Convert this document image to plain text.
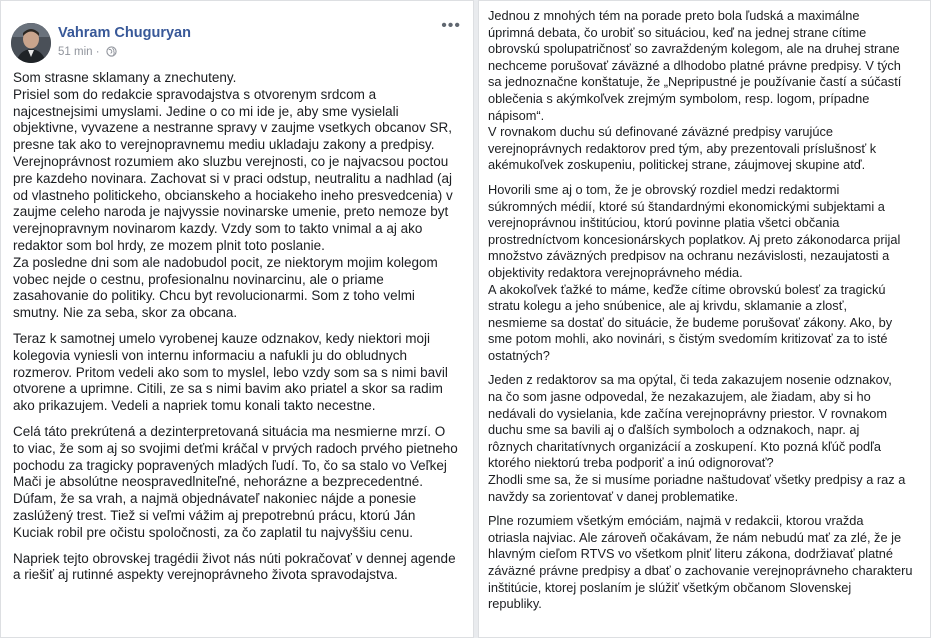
Vahram Chuguryan
51 min ·
•••

Som strasne sklamany a znechuteny.
Prisiel som do redakcie spravodajstva s otvorenym srdcom a
najcestnejsimi umyslami. Jedine o co mi ide je, aby sme vysielali
objektivne, vyvazene a nestranne spravy v zaujme vsetkych obcanov SR,
presne tak ako to verejnopravnemu mediu ukladaju zakony a predpisy.
Verejnoprávnost rozumiem ako sluzbu verejnosti, co je najvacsou poctou
pre kazdeho novinara. Zachovat si v praci odstup, neutralitu a nadhlad (aj
od vlastneho politickeho, obcianskeho a hociakeho ineho presvedcenia) v
zaujme celeho naroda je najvyssie novinarske umenie, preto nemoze byt
verejnopravnym novinarom kazdy. Vzdy som to takto vnimal a aj ako
redaktor som bol hrdy, ze mozem plnit toto poslanie.
Za posledne dni som ale nadobudol pocit, ze niektorym mojim kolegom
vobec nejde o cestnu, profesionalnu novinarcinu, ale o priame
zasahovanie do politiky. Chcu byt revolucionarmi. Som z toho velmi
smutny. Nie za seba, skor za obcana.

Teraz k samotnej umelo vyrobenej kauze odznakov, kedy niektori moji
kolegovia vyniesli von internu informaciu a nafukli ju do obludnych
rozmerov. Pritom vedeli ako som to myslel, lebo vzdy som sa s nimi bavil
otvorene a uprimne. Citili, ze sa s nimi bavim ako priatel a skor sa radim
ako prikazujem. Vedeli a napriek tomu konali takto necestne.

Celá táto prekrútená a dezinterpretovaná situácia ma nesmierne mrzí. O
to viac, že som aj so svojimi deťmi kráčal v prvých radoch prvého pietneho
pochodu za tragicky popravených mladých ľudí. To, čo sa stalo vo Veľkej
Mači je absolútne neospravedlniteľné, nehorázne a bezprecedentné.
Dúfam, že sa vrah, a najmä objednávateľ nakoniec nájde a ponesie
zaslúžený trest. Tiež si veľmi vážim aj prepotrebnú prácu, ktorú Ján
Kuciak robil pre očistu spoločnosti, za čo zaplatil tu najvyššiu cenu.

Napriek tejto obrovskej tragédii život nás núti pokračovať v dennej agende
a riešiť aj rutinné aspekty verejnoprávneho života spravodajstva.

Jednou z mnohých tém na porade preto bola ľudská a maximálne
úprimná debata, čo urobiť so situáciou, keď na jednej strane cítime
obrovskú spolupatričnosť so zavraždeným kolegom, ale na druhej strane
nechceme porušovať záväzné a dlhodobo platné právne predpisy. V tých
sa jednoznačne konštatuje, že „Nepripustné je používanie častí a súčastí
oblečenia s akýmkoľvek zrejmým symbolom, resp. logom, prípadne
nápisom“.
V rovnakom duchu sú definované záväzné predpisy varujúce
verejnoprávnych redaktorov pred tým, aby prezentovali príslušnosť k
akémukoľvek zoskupeniu, politickej strane, záujmovej skupine atď.

Hovorili sme aj o tom, že je obrovský rozdiel medzi redaktormi
súkromných médií, ktoré sú štandardnými ekonomickými subjektami a
verejnoprávnou inštitúciou, ktorú povinne platia všetci občania
prostredníctvom koncesionárskych poplatkov. Aj preto zákonodarca prijal
množstvo záväzných predpisov na ochranu nezávislosti, nezaujatosti a
objektivity redaktora verejnoprávneho média.
A akokoľvek ťažké to máme, keďže cítime obrovskú bolesť za tragickú
stratu kolegu a jeho snúbenice, ale aj krivdu, sklamanie a zlosť,
nesmieme sa dostať do situácie, že budeme porušovať zákony. Ako, by
sme potom mohli, ako novinári, s čistým svedomím kritizovať za to isté
ostatných?

Jeden z redaktorov sa ma opýtal, či teda zakazujem nosenie odznakov,
na čo som jasne odpovedal, že nezakazujem, ale žiadam, aby si ho
nedávali do vysielania, kde začína verejnoprávny priestor. V rovnakom
duchu sme sa bavili aj o ďalších symboloch a odznakoch, napr. aj
rôznych charitatívnych organizácií a zoskupení. Kto pozná kľúč podľa
ktorého niektorú treba podporiť a inú odignorovať?
Zhodli sme sa, že si musíme poriadne naštudovať všetky predpisy a raz a
navždy sa zorientovať v danej problematike.

Plne rozumiem všetkým emóciám, najmä v redakcii, ktorou vražda
otriasla najviac. Ale zároveň očakávam, že nám nebudú mať za zlé, že je
hlavným cieľom RTVS vo všetkom plniť literu zákona, dodržiavať platné
záväzné právne predpisy a dbať o zachovanie verejnoprávneho charakteru
inštitúcie, ktorej poslaním je slúžiť všetkým občanom Slovenskej
republiky.
